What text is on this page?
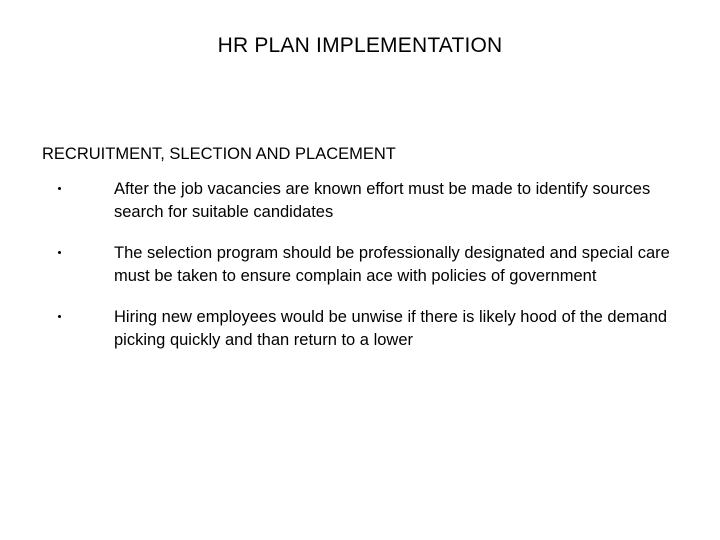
HR PLAN IMPLEMENTATION
RECRUITMENT, SLECTION AND PLACEMENT
After the job vacancies are known effort must be made to identify sources search for suitable candidates
The selection program should be professionally designated and special care must be taken to ensure complain ace with policies of government
Hiring new employees would be unwise if there is likely hood of the demand picking quickly and than return to a lower
